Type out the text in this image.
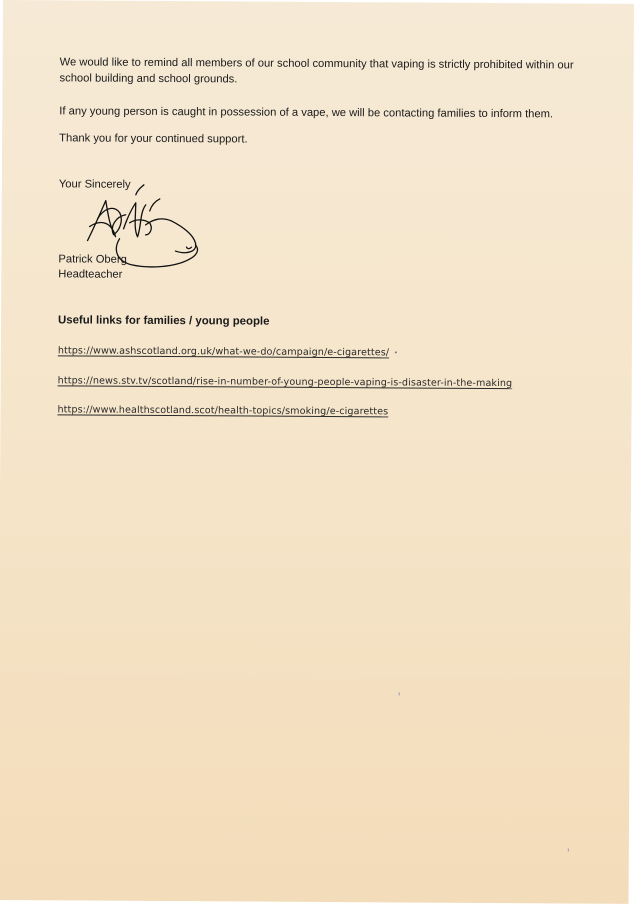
We would like to remind all members of our school community that vaping is strictly prohibited within our school building and school grounds.

If any young person is caught in possession of a vape, we will be contacting families to inform them.

Thank you for your continued support.

Your Sincerely

Patrick Oberg

Headteacher

Useful links for families / young people

https://www.ashscotland.org.uk/what-we-do/campaign/e-cigarettes/
https://news.stv.tv/scotland/rise-in-number-of-young-people-vaping-is-disaster-in-the-making
https://www.healthscotland.scot/health-topics/smoking/e-cigarettes
